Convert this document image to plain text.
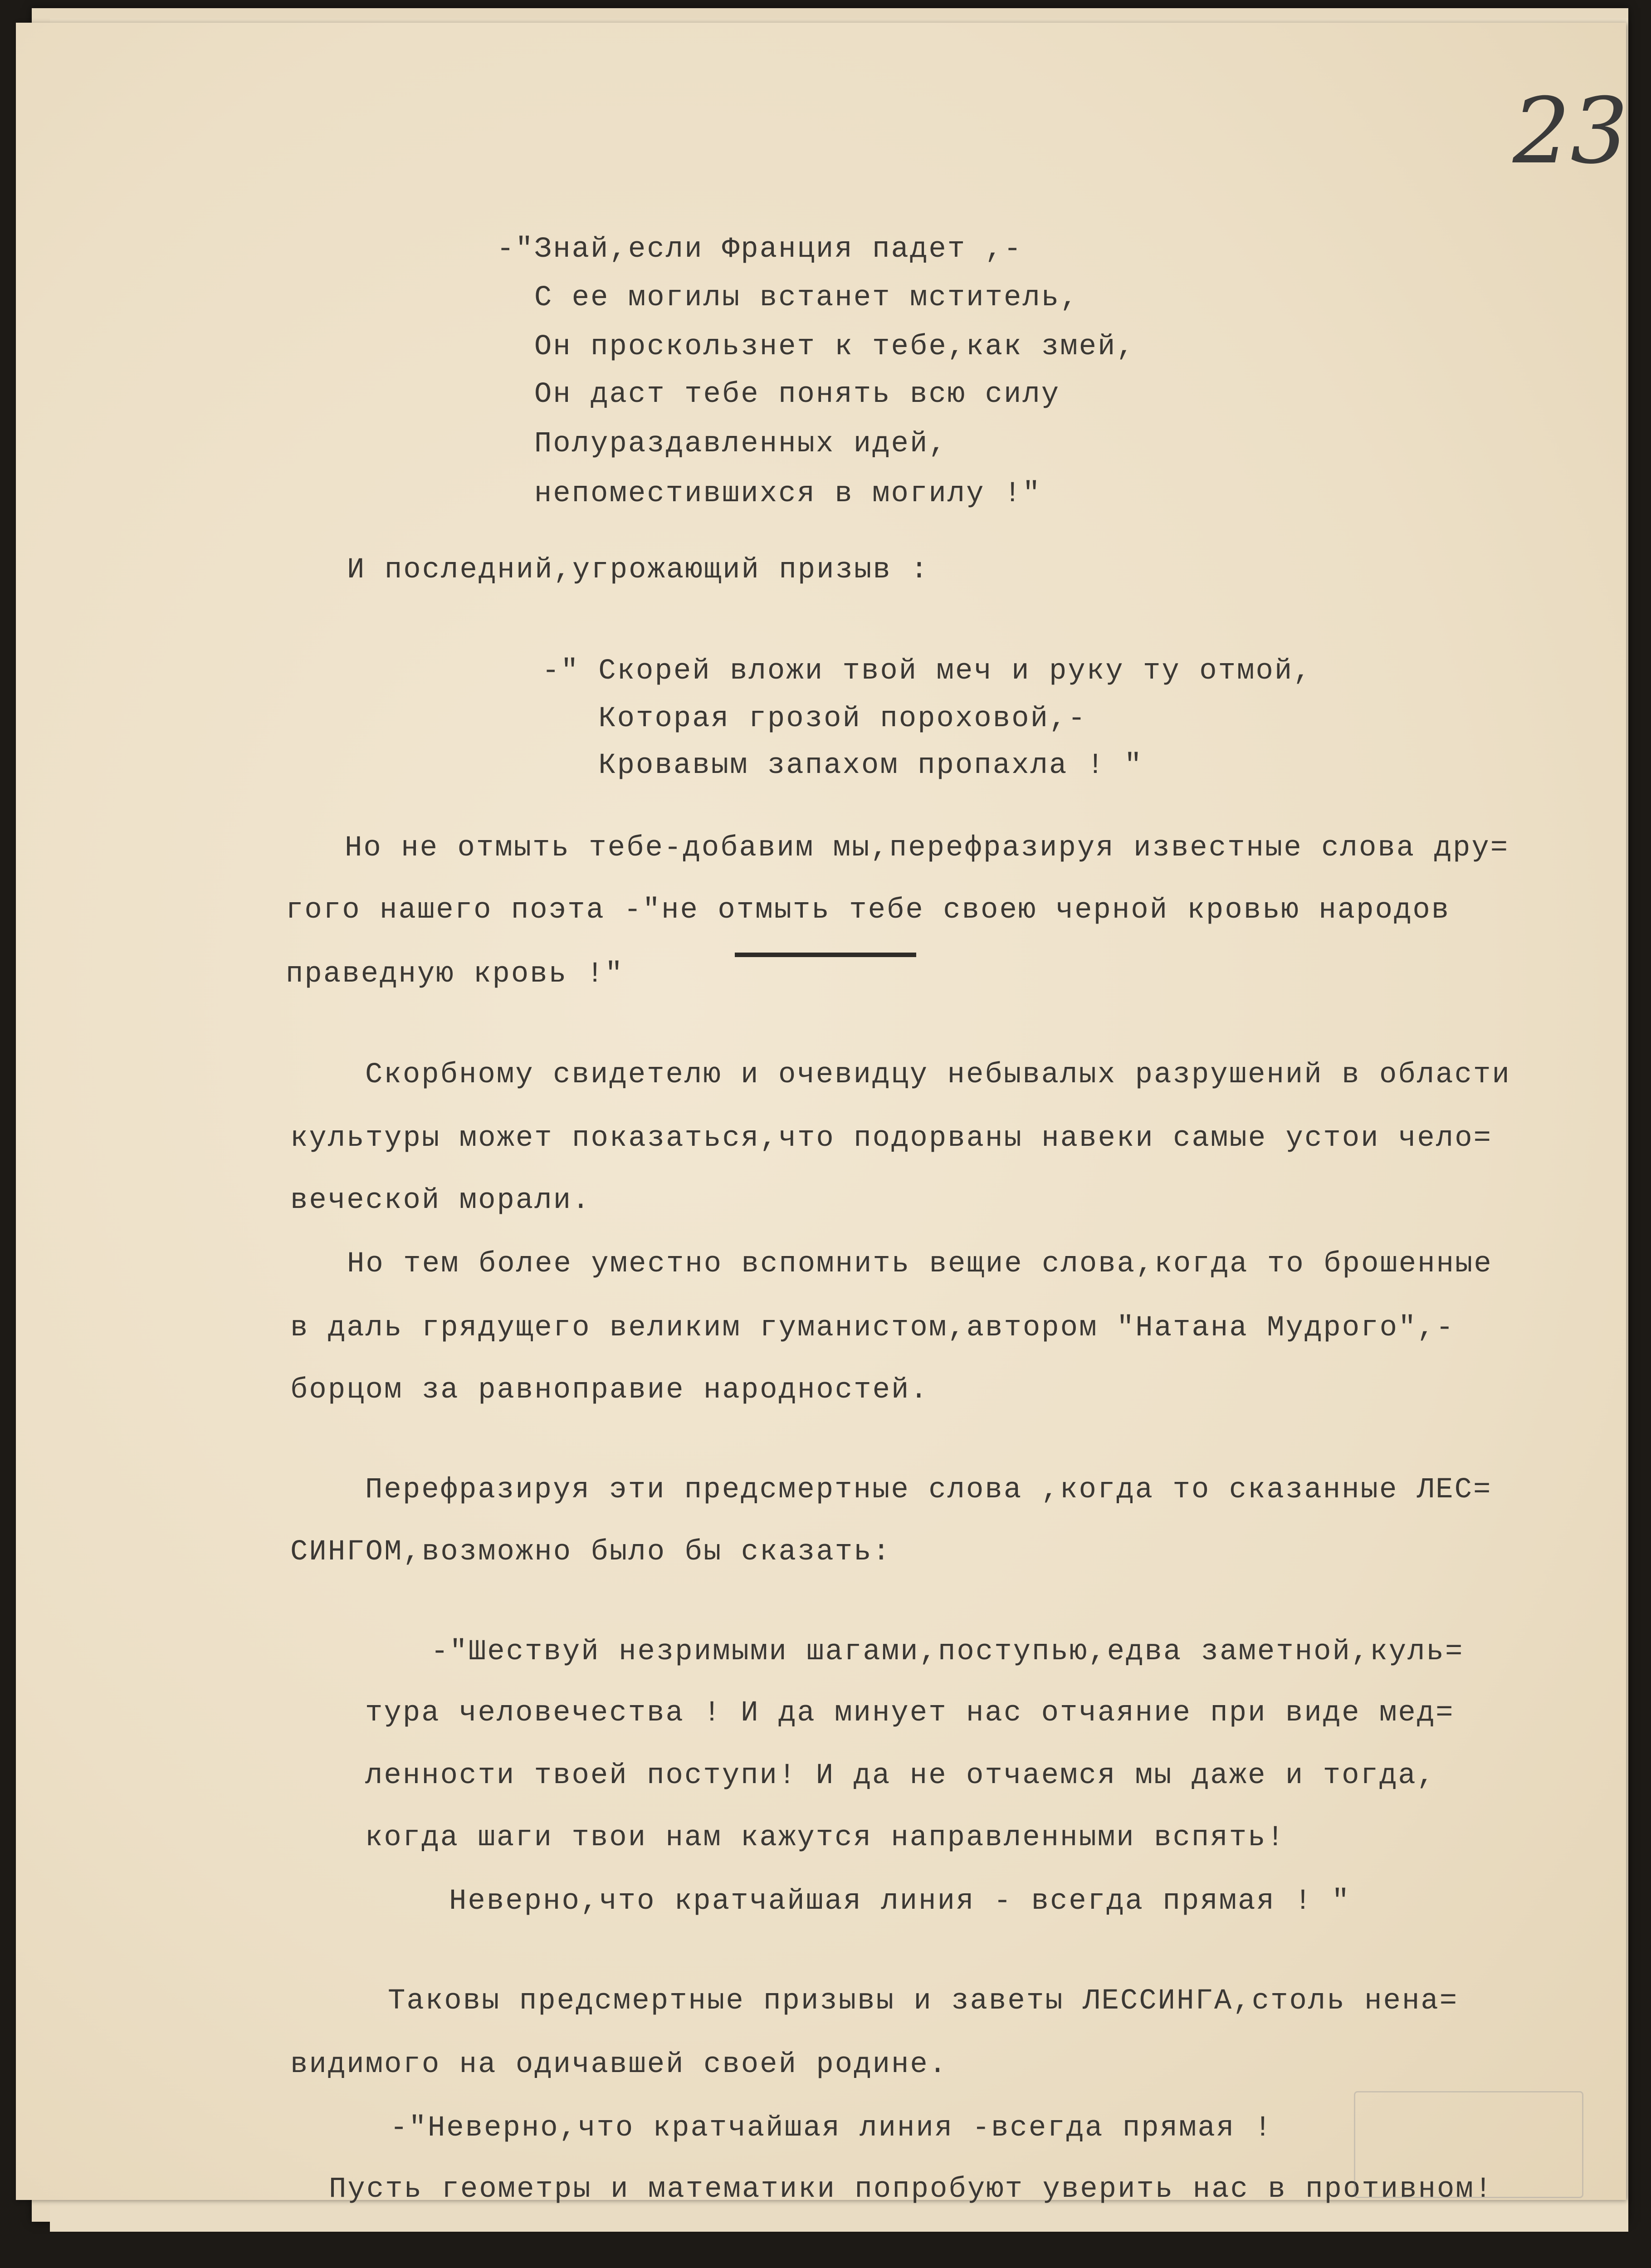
23
-"Знай,если Франция падет ,-
С ее могилы встанет мститель,
Он проскользнет к тебе,как змей,
Он даст тебе понять всю силу
Полураздавленных идей,
непоместившихся в могилу !"
И последний,угрожающий призыв :
-" Скорей вложи твой меч и руку ту отмой,
Которая грозой пороховой,-
Кровавым запахом пропахла ! "
Но не отмыть тебе-добавим мы,перефразируя известные слова дру=
гого нашего поэта -"не отмыть тебе своею черной кровью народов
праведную кровь !"
Скорбному свидетелю и очевидцу небывалых разрушений в области
культуры может показаться,что подорваны навеки самые устои чело=
веческой морали.
Но тем более уместно вспомнить вещие слова,когда то брошенные
в даль грядущего великим гуманистом,автором "Натана Мудрого",-
борцом за равноправие народностей.
Перефразируя эти предсмертные слова ,когда то сказанные ЛЕС=
СИНГОМ,возможно было бы сказать:
-"Шествуй незримыми шагами,поступью,едва заметной,куль=
тура человечества ! И да минует нас отчаяние при виде мед=
ленности твоей поступи! И да не отчаемся мы даже и тогда,
когда шаги твои нам кажутся направленными вспять!
Неверно,что кратчайшая линия - всегда прямая ! "
Таковы предсмертные призывы и заветы ЛЕССИНГА,столь нена=
видимого на одичавшей своей родине.
-"Неверно,что кратчайшая линия -всегда прямая !
Пусть геометры и математики попробуют уверить нас в противном!
